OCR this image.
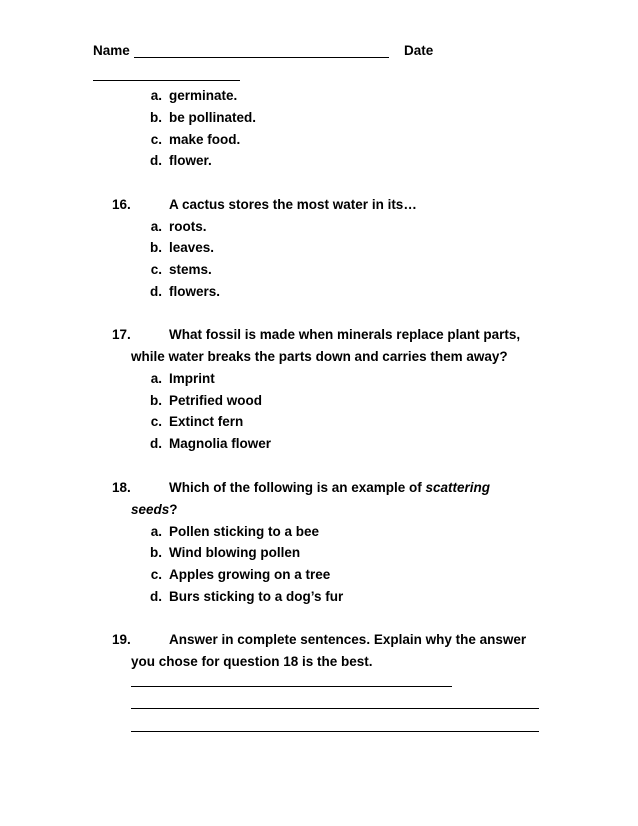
Name	Date
a. germinate.
b. be pollinated.
c. make food.
d. flower.
16.	A cactus stores the most water in its…
a. roots.
b. leaves.
c. stems.
d. flowers.
17.	What fossil is made when minerals replace plant parts,
while water breaks the parts down and carries them away?
a. Imprint
b. Petrified wood
c. Extinct fern
d. Magnolia flower
18.	Which of the following is an example of scattering
seeds?
a. Pollen sticking to a bee
b. Wind blowing pollen
c. Apples growing on a tree
d. Burs sticking to a dog’s fur
19.	Answer in complete sentences. Explain why the answer
you chose for question 18 is the best.
